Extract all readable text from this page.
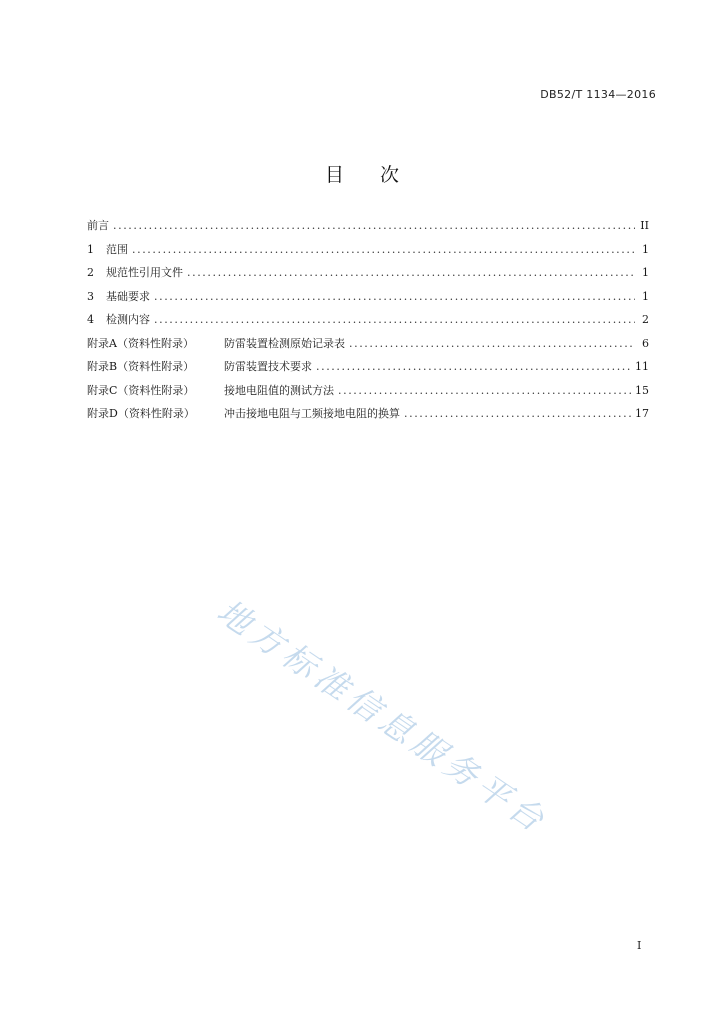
DB52/T 1134—2016
目 次
前言 .....	II
1	范围 .....	1
2	规范性引用文件 .....	1
3	基础要求 .....	1
4	检测内容 .....	2
附录A（资料性附录）	防雷装置检测原始记录表 .....	6
附录B（资料性附录）	防雷装置技术要求 .....	11
附录C（资料性附录）	接地电阻值的测试方法 .....	15
附录D（资料性附录）	冲击接地电阻与工频接地电阻的换算 .....	17
地方标准信息服务平台
I
